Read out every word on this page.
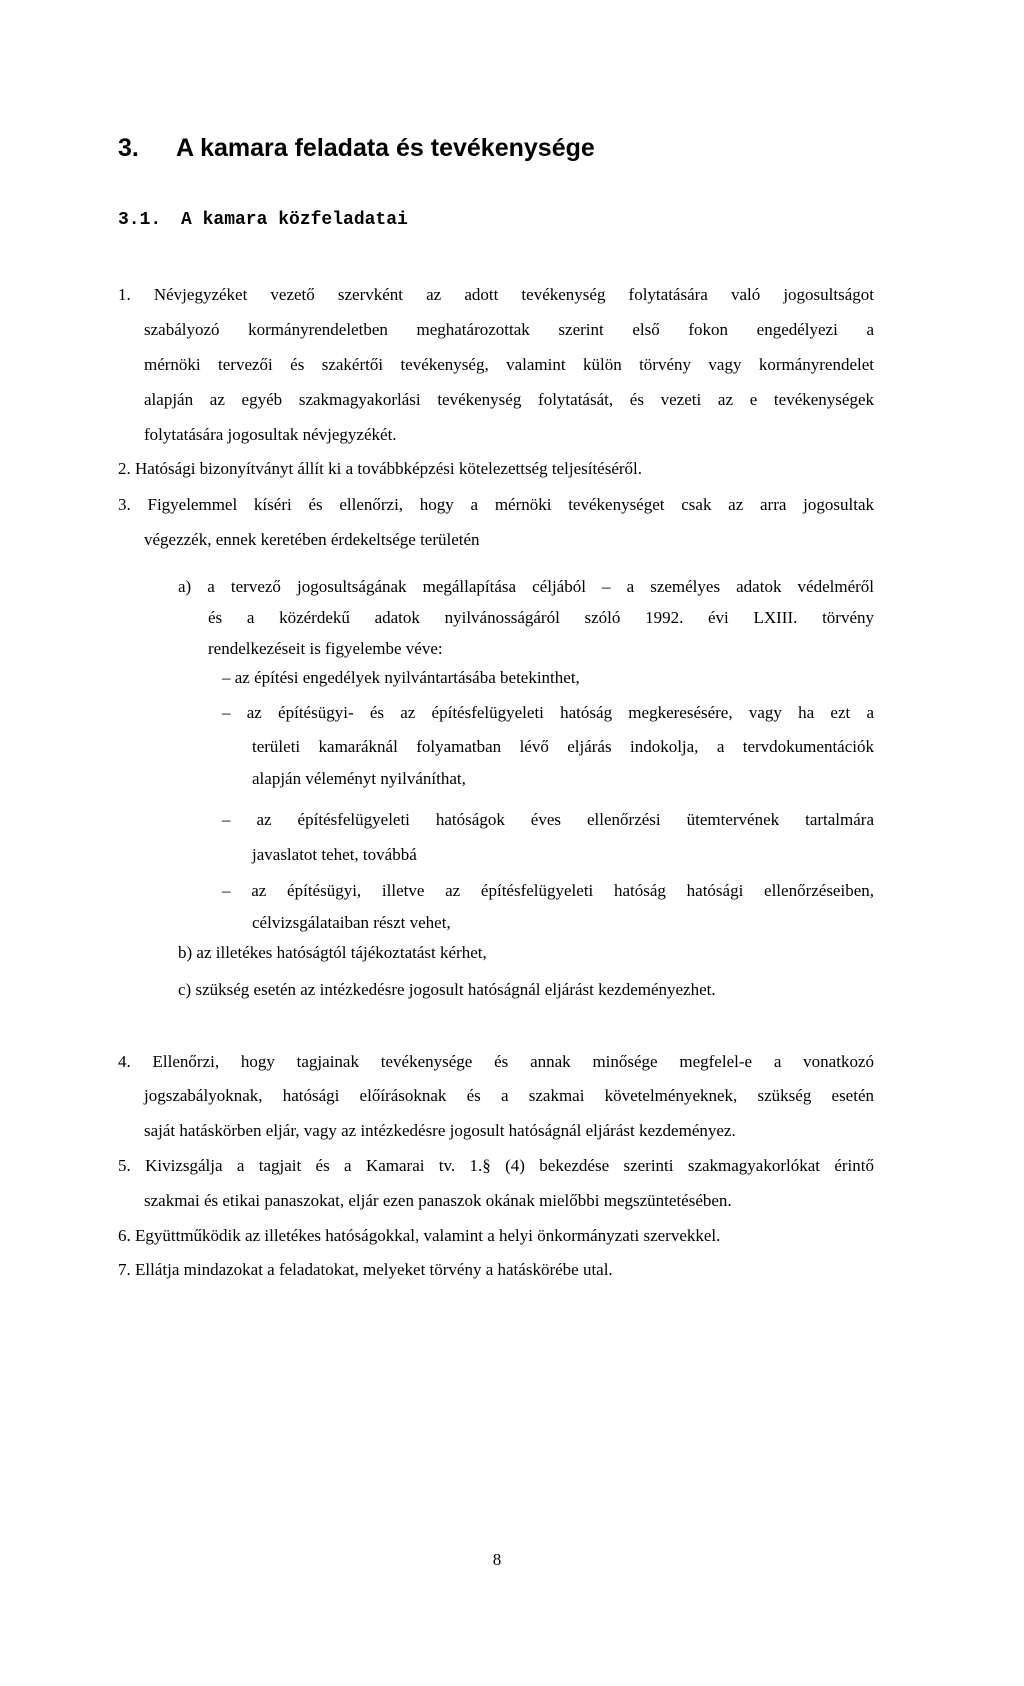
3. A kamara feladata és tevékenysége
3.1. A kamara közfeladatai
1. Névjegyzéket vezető szervként az adott tevékenység folytatására való jogosultságot
szabályozó kormányrendeletben meghatározottak szerint első fokon engedélyezi a
mérnöki tervezői és szakértői tevékenység, valamint külön törvény vagy kormányrendelet
alapján az egyéb szakmagyakorlási tevékenység folytatását, és vezeti az e tevékenységek
folytatására jogosultak névjegyzékét.
2. Hatósági bizonyítványt állít ki a továbbképzési kötelezettség teljesítéséről.
3. Figyelemmel kíséri és ellenőrzi, hogy a mérnöki tevékenységet csak az arra jogosultak
végezzék, ennek keretében érdekeltsége területén
a) a tervező jogosultságának megállapítása céljából – a személyes adatok védelméről
és a közérdekű adatok nyilvánosságáról szóló 1992. évi LXIII. törvény
rendelkezéseit is figyelembe véve:
– az építési engedélyek nyilvántartásába betekinthet,
– az építésügyi- és az építésfelügyeleti hatóság megkeresésére, vagy ha ezt a
területi kamaráknál folyamatban lévő eljárás indokolja, a tervdokumentációk
alapján véleményt nyilváníthat,
– az építésfelügyeleti hatóságok éves ellenőrzési ütemtervének tartalmára
javaslatot tehet, továbbá
– az építésügyi, illetve az építésfelügyeleti hatóság hatósági ellenőrzéseiben,
célvizsgálataiban részt vehet,
b) az illetékes hatóságtól tájékoztatást kérhet,
c) szükség esetén az intézkedésre jogosult hatóságnál eljárást kezdeményezhet.
4. Ellenőrzi, hogy tagjainak tevékenysége és annak minősége megfelel-e a vonatkozó
jogszabályoknak, hatósági előírásoknak és a szakmai követelményeknek, szükség esetén
saját hatáskörben eljár, vagy az intézkedésre jogosult hatóságnál eljárást kezdeményez.
5. Kivizsgálja a tagjait és a Kamarai tv. 1.§ (4) bekezdése szerinti szakmagyakorlókat érintő
szakmai és etikai panaszokat, eljár ezen panaszok okának mielőbbi megszüntetésében.
6. Együttműködik az illetékes hatóságokkal, valamint a helyi önkormányzati szervekkel.
7. Ellátja mindazokat a feladatokat, melyeket törvény a hatáskörébe utal.
8
